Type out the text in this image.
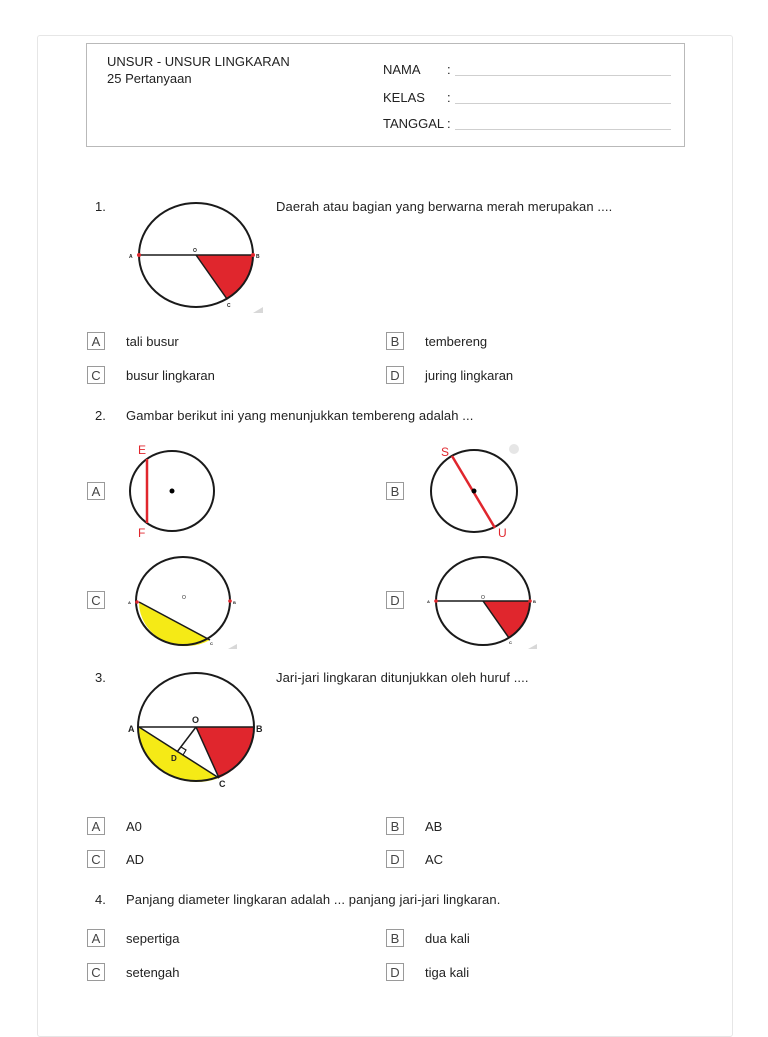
UNSUR - UNSUR LINGKARAN
25 Pertanyaan
NAMA :
KELAS :
TANGGAL :
1.	Daerah atau bagian yang berwarna merah merupakan ....
A	B
O
C
A	tali busur	B	tembereng
C	busur lingkaran	D	juring lingkaran
2. Gambar berikut ini yang menunjukkan tembereng adalah ...
A
E
F
B
S
U
C	A	B
O
C
D	A	B
O
C
3.	Jari-jari lingkaran ditunjukkan oleh huruf ....
A	B
O
D
C
A	A0	B	AB
C	AD	D	AC
4. Panjang diameter lingkaran adalah ... panjang jari-jari lingkaran.
A	sepertiga	B	dua kali
C	setengah	D	tiga kali
